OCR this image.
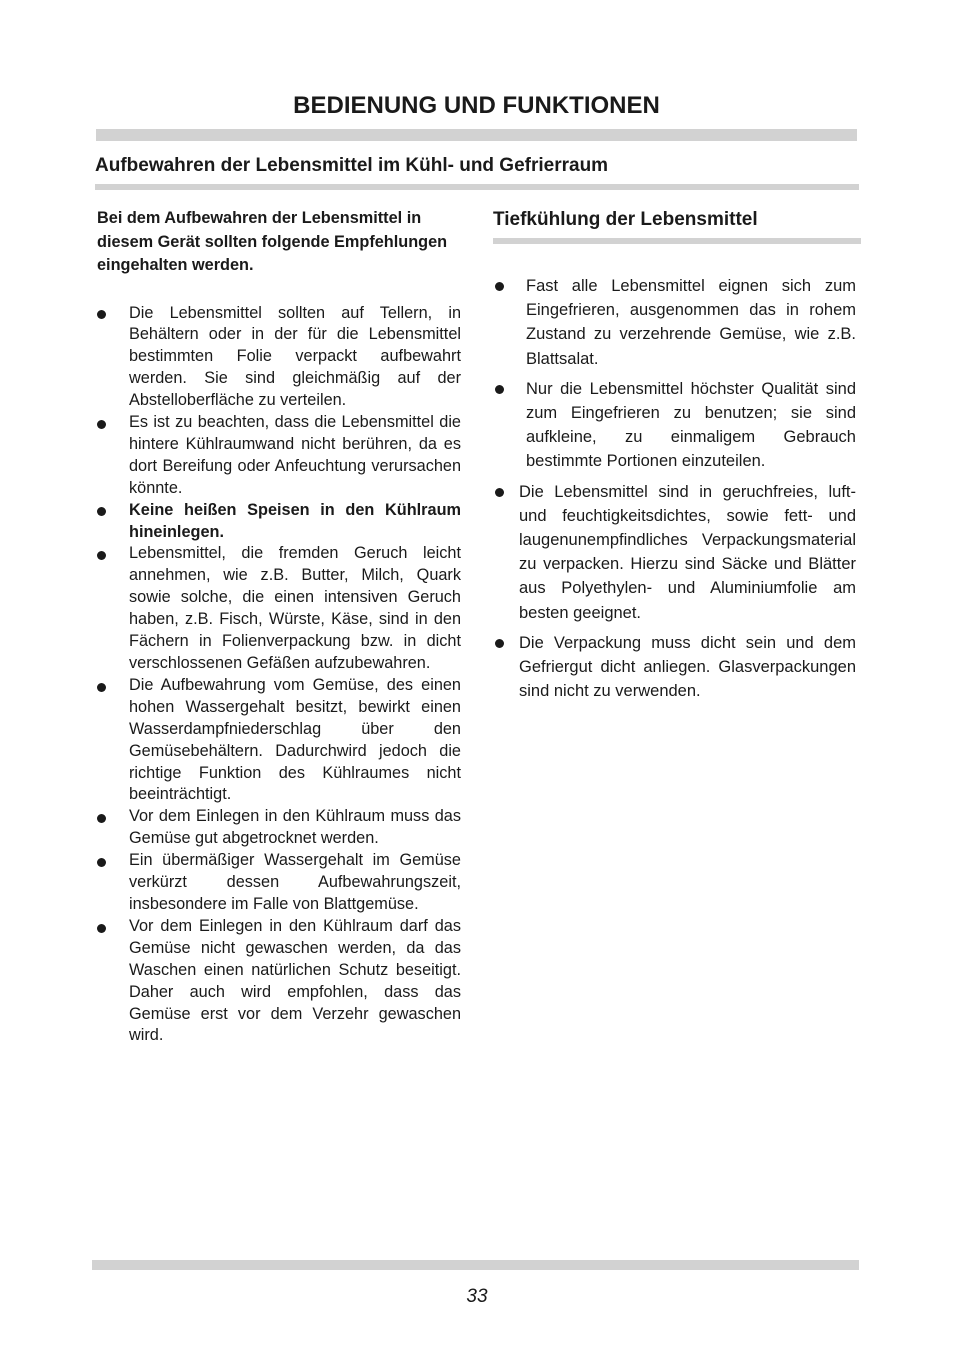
BEDIENUNG UND FUNKTIONEN
Aufbewahren der Lebensmittel im Kühl- und Gefrierraum

Bei dem Aufbewahren der Lebensmittel in diesem Gerät sollten folgende Empfehlungen eingehalten werden.

Die Lebensmittel sollten auf Tellern, in Behältern oder in der für die Lebensmittel bestimmten Folie verpackt aufbewahrt werden. Sie sind gleichmäßig auf der Abstelloberfläche zu verteilen.
Es ist zu beachten, dass die Lebensmittel die hintere Kühlraumwand nicht berühren, da es dort Bereifung oder Anfeuchtung verursachen könnte.
Keine heißen Speisen in den Kühlraum hineinlegen.
Lebensmittel, die fremden Geruch leicht annehmen, wie z.B. Butter, Milch, Quark sowie solche, die einen intensiven Geruch haben, z.B. Fisch, Würste, Käse, sind in den Fächern in Folienverpackung bzw. in dicht verschlossenen Gefäßen aufzubewahren.
Die Aufbewahrung vom Gemüse, des einen hohen Wassergehalt besitzt, bewirkt einen Wasserdampfniederschlag über den Gemüsebehältern. Dadurchwird jedoch die richtige Funktion des Kühlraumes nicht beeinträchtigt.
Vor dem Einlegen in den Kühlraum muss das Gemüse gut abgetrocknet werden.
Ein übermäßiger Wassergehalt im Gemüse verkürzt dessen Aufbewahrungszeit, insbesondere im Falle von Blattgemüse.
Vor dem Einlegen in den Kühlraum darf das Gemüse nicht gewaschen werden, da das Waschen einen natürlichen Schutz beseitigt. Daher auch wird empfohlen, dass das Gemüse erst vor dem Verzehr gewaschen wird.
Tiefkühlung der Lebensmittel
Fast alle Lebensmittel eignen sich zum Eingefrieren, ausgenommen das in rohem Zustand zu verzehrende Gemüse, wie z.B. Blattsalat.
Nur die Lebensmittel höchster Qualität sind zum Eingefrieren zu benutzen; sie sind aufkleine, zu einmaligem Gebrauch bestimmte Portionen einzuteilen.
Die Lebensmittel sind in geruchfreies, luft- und feuchtigkeitsdichtes, sowie fett- und laugenunempfindliches Verpackungsmaterial zu verpacken. Hierzu sind Säcke und Blätter aus Polyethylen- und Aluminiumfolie am besten geeignet.
Die Verpackung muss dicht sein und dem Gefriergut dicht anliegen. Glasverpackungen sind nicht zu verwenden.

33
